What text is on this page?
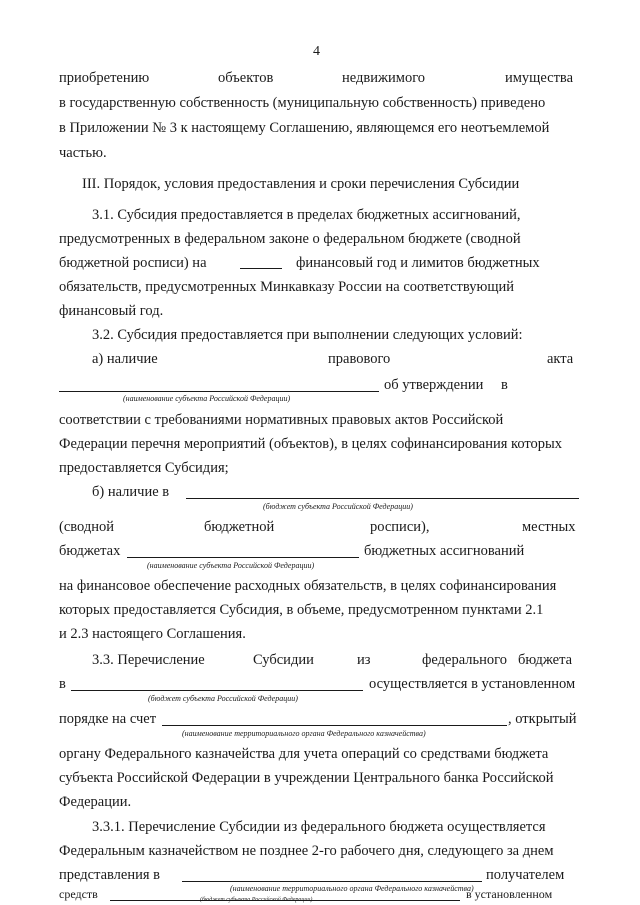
4
приобретению	объектов	недвижимого	имущества
в государственную собственность (муниципальную собственность) приведено
в Приложении № 3 к настоящему Соглашению, являющемся его неотъемлемой
частью.
III. Порядок, условия предоставления и сроки перечисления Субсидии
3.1. Субсидия предоставляется в пределах бюджетных ассигнований,
предусмотренных в федеральном законе о федеральном бюджете (сводной
бюджетной росписи) на	финансовый год и лимитов бюджетных
обязательств, предусмотренных Минкавказу России на соответствующий
финансовый год.
3.2. Субсидия предоставляется при выполнении следующих условий:
а) наличие	правового	акта
об утверждении в
(наименование субъекта Российской Федерации)
соответствии с требованиями нормативных правовых актов Российской
Федерации перечня мероприятий (объектов), в целях софинансирования которых
предоставляется Субсидия;
б) наличие в
(бюджет субъекта Российской Федерации)
(сводной	бюджетной	росписи),	местных
бюджетах	бюджетных ассигнований
(наименование субъекта Российской Федерации)
на финансовое обеспечение расходных обязательств, в целях софинансирования
которых предоставляется Субсидия, в объеме, предусмотренном пунктами 2.1
и 2.3 настоящего Соглашения.
3.3. Перечисление	Субсидии	из	федерального бюджета
в	осуществляется в установленном
(бюджет субъекта Российской Федерации)
порядке на счет	, открытый
(наименование территориального органа Федерального казначейства)
органу Федерального казначейства для учета операций со средствами бюджета
субъекта Российской Федерации в учреждении Центрального банка Российской
Федерации.
3.3.1. Перечисление Субсидии из федерального бюджета осуществляется
Федеральным казначейством не позднее 2-го рабочего дня, следующего за днем
представления в	получателем
(наименование территориального органа Федерального казначейства)
средств	в установленном
(бюджет субъекта Российской Федерации)
